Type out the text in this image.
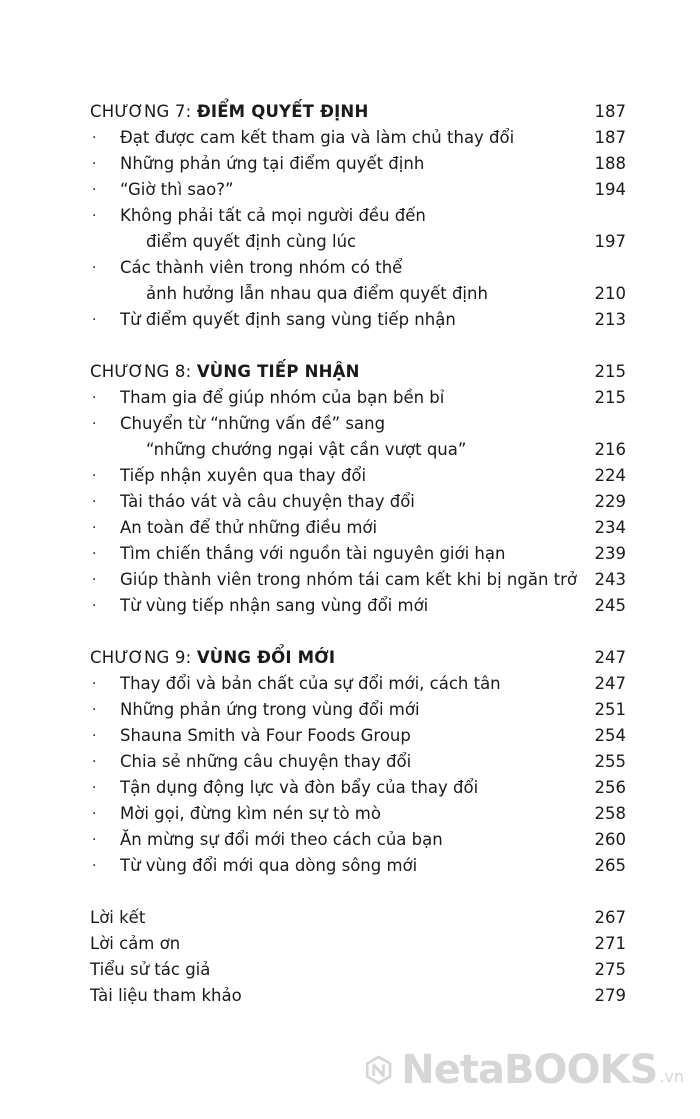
CHƯƠNG 7: ĐIỂM QUYẾT ĐỊNH	187
· Đạt được cam kết tham gia và làm chủ thay đổi	187
· Những phản ứng tại điểm quyết định	188
· “Giờ thì sao?”	194
· Không phải tất cả mọi người đều đến
điểm quyết định cùng lúc	197
· Các thành viên trong nhóm có thể
ảnh hưởng lẫn nhau qua điểm quyết định	210
· Từ điểm quyết định sang vùng tiếp nhận	213
CHƯƠNG 8: VÙNG TIẾP NHẬN	215
· Tham gia để giúp nhóm của bạn bền bỉ	215
· Chuyển từ “những vấn đề” sang
“những chướng ngại vật cần vượt qua”	216
· Tiếp nhận xuyên qua thay đổi	224
· Tài tháo vát và câu chuyện thay đổi	229
· An toàn để thử những điều mới	234
· Tìm chiến thắng với nguồn tài nguyên giới hạn	239
· Giúp thành viên trong nhóm tái cam kết khi bị ngăn trở 243
· Từ vùng tiếp nhận sang vùng đổi mới	245
CHƯƠNG 9: VÙNG ĐỔI MỚI	247
· Thay đổi và bản chất của sự đổi mới, cách tân	247
· Những phản ứng trong vùng đổi mới	251
· Shauna Smith và Four Foods Group	254
· Chia sẻ những câu chuyện thay đổi	255
· Tận dụng động lực và đòn bẩy của thay đổi	256
· Mời gọi, đừng kìm nén sự tò mò	258
· Ăn mừng sự đổi mới theo cách của bạn	260
· Từ vùng đổi mới qua dòng sông mới	265
Lời kết	267
Lời cảm ơn	271
Tiểu sử tác giả	275
Tài liệu tham khảo	279
NetaBOOKS .vn
